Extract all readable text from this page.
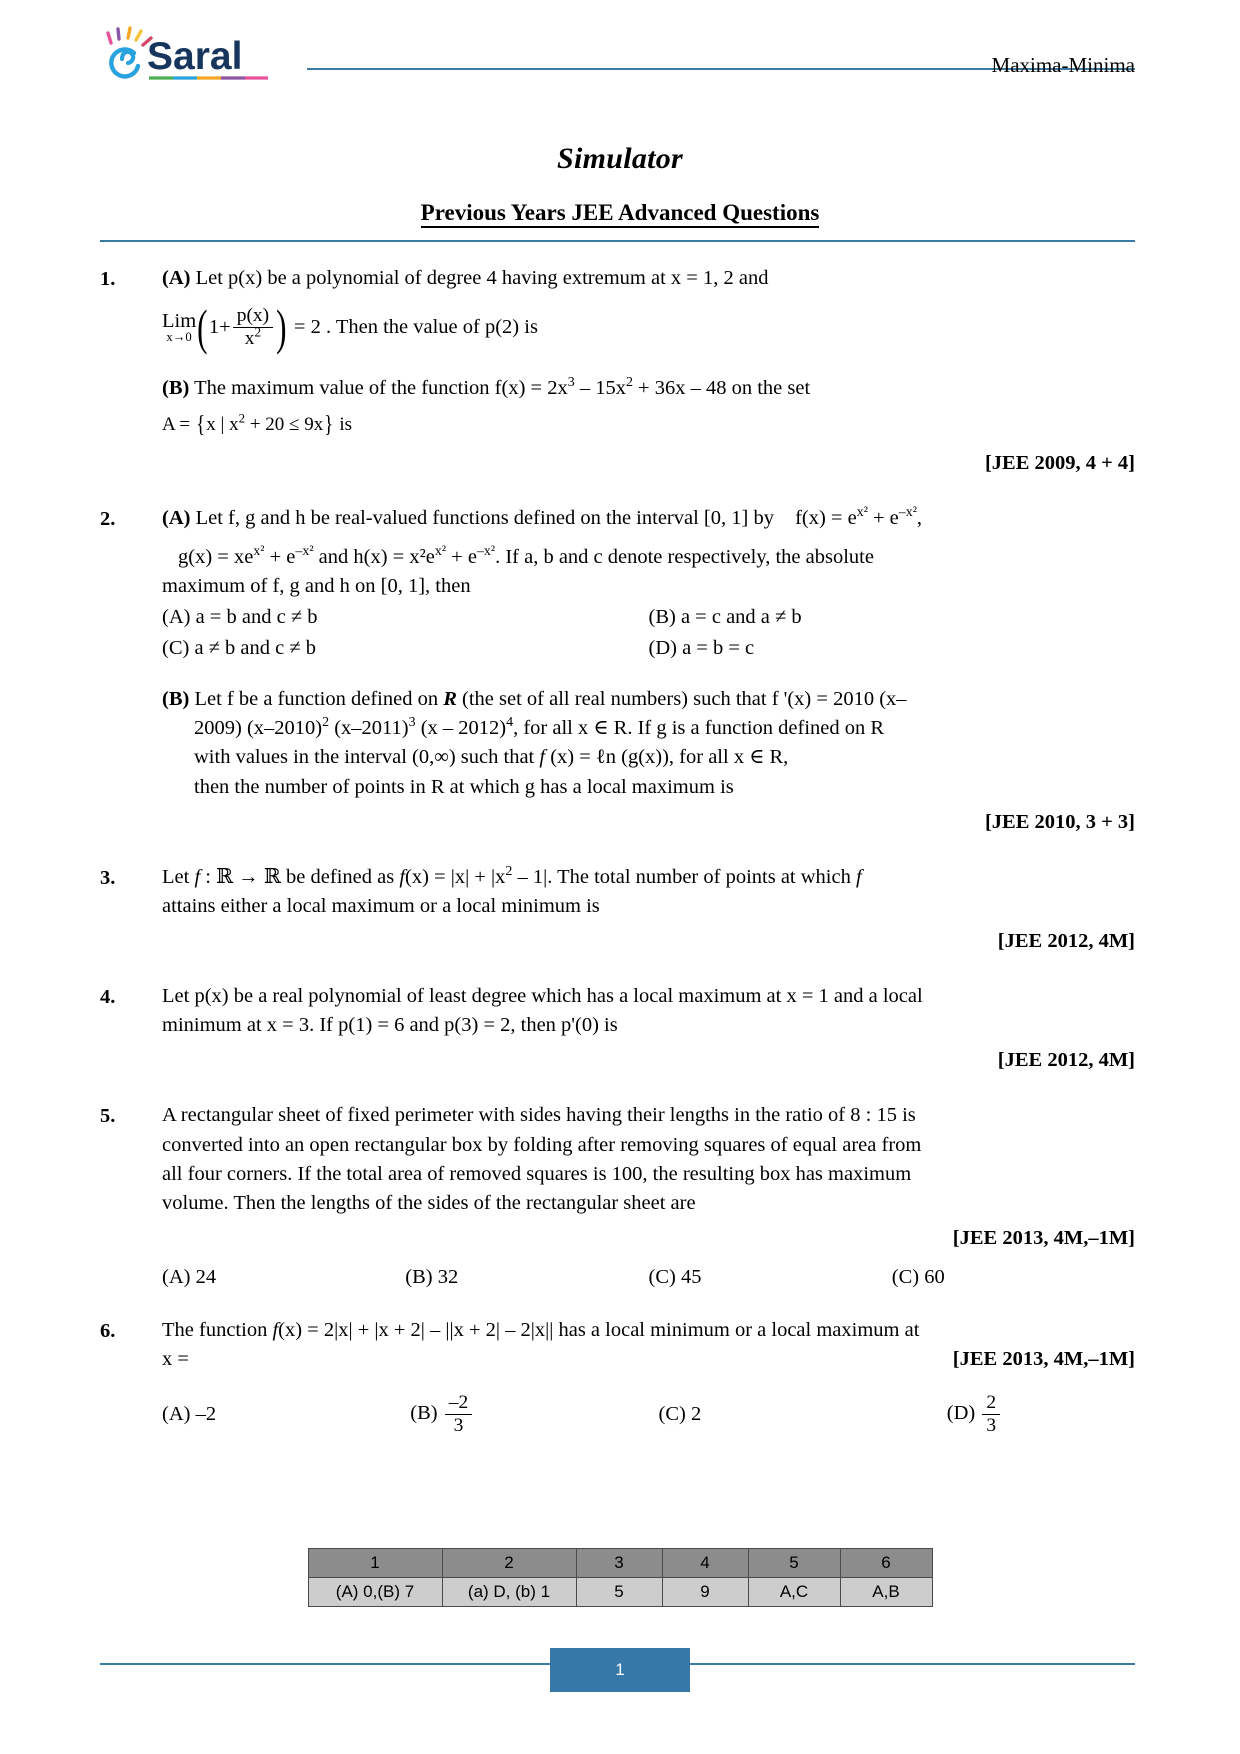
Saral	Maxima-Minima
Simulator
Previous Years JEE Advanced Questions
1.	(A) Let p(x) be a polynomial of degree 4 having extremum at x = 1, 2 and
Lim
x→0 ( $1+ \frac{p(x)}{x^2}$ ) = 2 . Then the value of p(2) is
(B) The maximum value of the function $f(x) = 2x^3 - 15x^2 + 36x - 48$ on the set
A = {x | $x^2 + 20 \le 9x$} is
[JEE 2009, 4 + 4]
2.	(A) Let f, g and h be real-valued functions defined on the interval [0, 1] by $f(x) = e^{x^2} + e^{-x^2}$,
$g(x) = xe^{x^2} + e^{-x^2}$ and $h(x) = x^2e^{x^2} + e^{-x^2}$. If a, b and c denote respectively, the absolute
maximum of f, g and h on [0, 1], then
(A) a = b and c ≠ b	(B) a = c and a ≠ b
(C) a ≠ b and c ≠ b	(D) a = b = c
(B) Let f be a function defined on R (the set of all real numbers) such that f '(x) = 2010 (x–
2009) $(x-2010)^2$ $(x-2011)^3$ (x – 2012)$^4$, for all x ∈ R. If g is a function defined on R
with values in the interval (0,∞) such that f (x) = ℓn (g(x)), for all x ∈ R,
then the number of points in R at which g has a local maximum is
[JEE 2010, 3 + 3]
3.	Let f : ℝ → ℝ be defined as $f(x) = |x| + |x^2 - 1|$. The total number of points at which f
attains either a local maximum or a local minimum is
[JEE 2012, 4M]
4.	Let p(x) be a real polynomial of least degree which has a local maximum at x = 1 and a local
minimum at x = 3. If p(1) = 6 and p(3) = 2, then p'(0) is
[JEE 2012, 4M]
5.	A rectangular sheet of fixed perimeter with sides having their lengths in the ratio of 8 : 15 is
converted into an open rectangular box by folding after removing squares of equal area from
all four corners. If the total area of removed squares is 100, the resulting box has maximum
volume. Then the lengths of the sides of the rectangular sheet are
[JEE 2013, 4M,–1M]
(A) 24	(B) 32	(C) 45	(C) 60
6.	The function f(x) = 2|x| + |x + 2| – ||x + 2| – 2|x|| has a local minimum or a local maximum at
x =	[JEE 2013, 4M,–1M]
(A) –2	$(B) \frac{-2}{3}$	(C) 2	$(D) \frac{2}{3}$
1	2	3	4	5	6
(A) 0,(B) 7	(a) D, (b) 1	5	9	A,C	A,B
1
